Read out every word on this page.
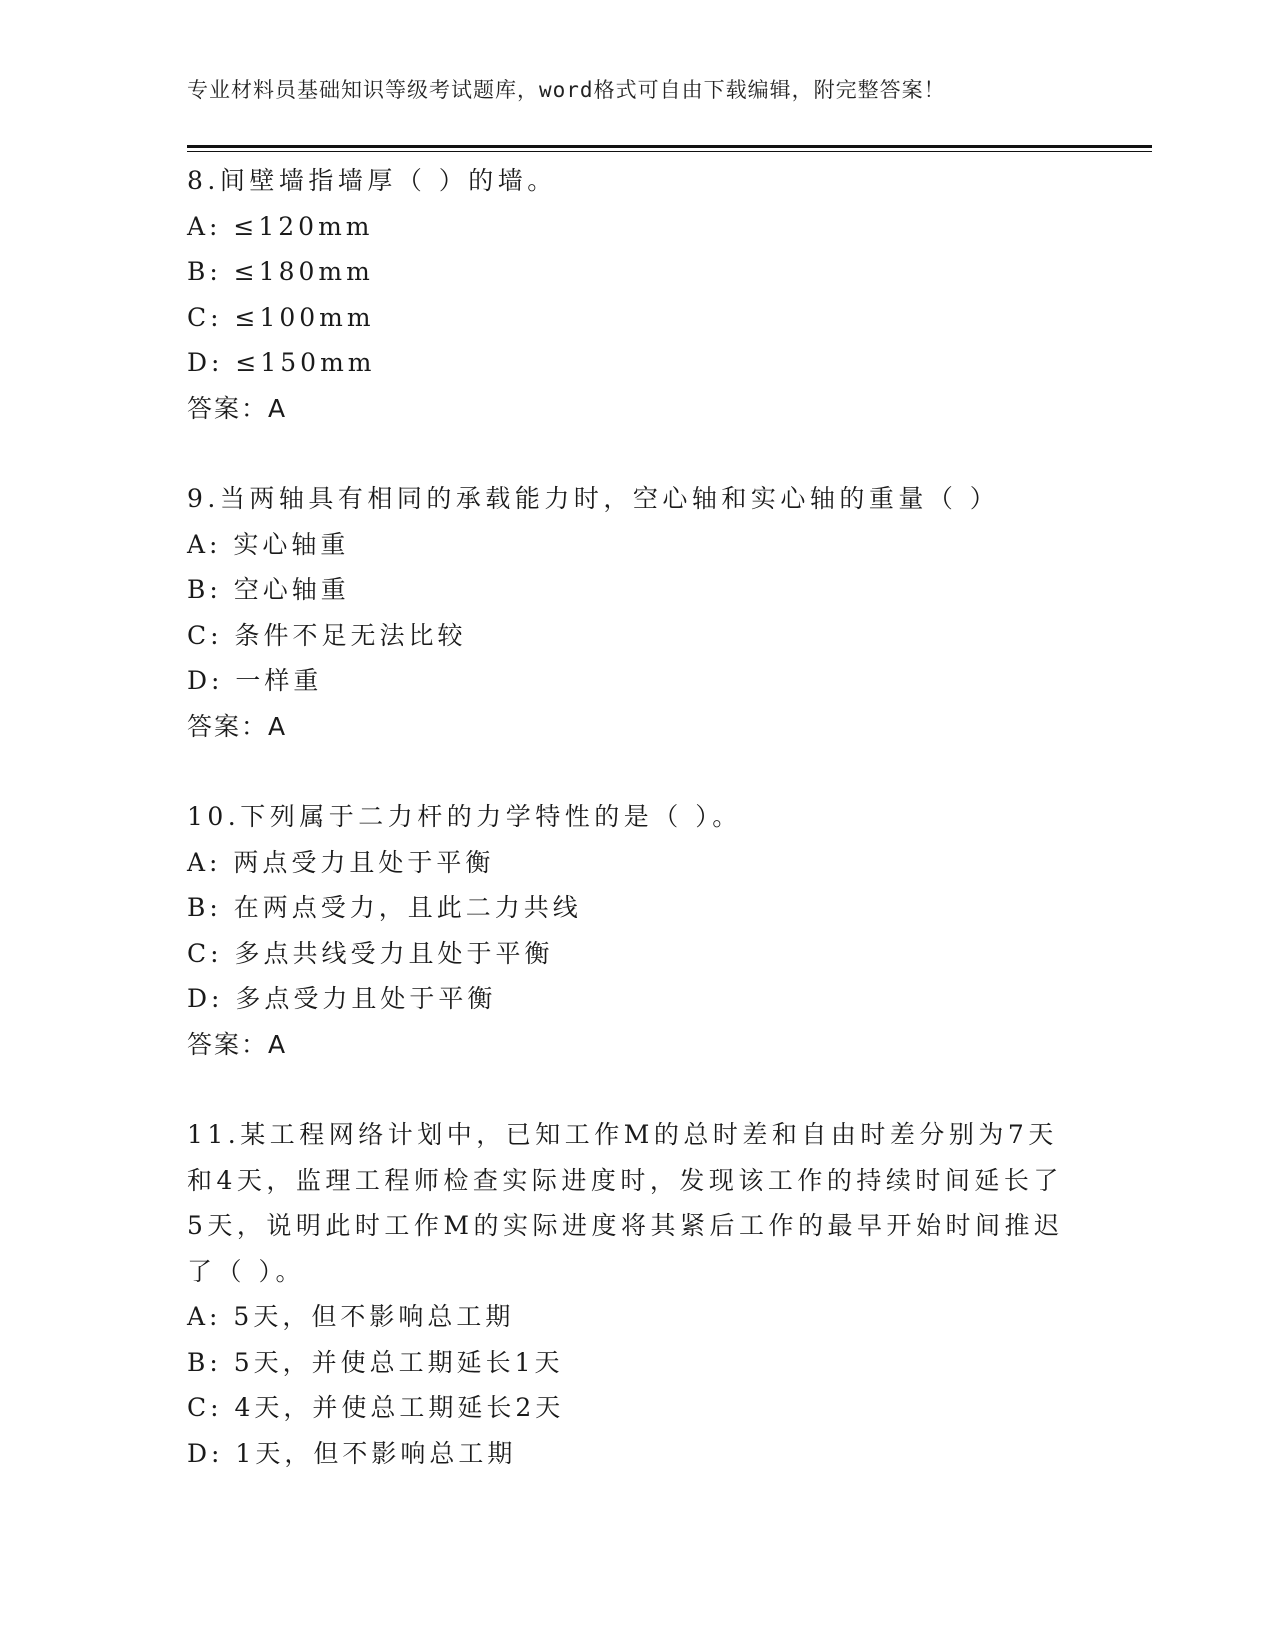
专业材料员基础知识等级考试题库，word格式可自由下载编辑，附完整答案！
8.间壁墙指墙厚（ ）的墙。
A: ≤120mm
B: ≤180mm
C: ≤100mm
D: ≤150mm
答案：A
9.当两轴具有相同的承载能力时，空心轴和实心轴的重量（ ）
A: 实心轴重
B: 空心轴重
C: 条件不足无法比较
D: 一样重
答案：A
10.下列属于二力杆的力学特性的是（ ）。
A: 两点受力且处于平衡
B: 在两点受力，且此二力共线
C: 多点共线受力且处于平衡
D: 多点受力且处于平衡
答案：A
11.某工程网络计划中，已知工作M的总时差和自由时差分别为7天和4天，监理工程师检查实际进度时，发现该工作的持续时间延长了5天，说明此时工作M的实际进度将其紧后工作的最早开始时间推迟了（ ）。
A: 5天，但不影响总工期
B: 5天，并使总工期延长1天
C: 4天，并使总工期延长2天
D: 1天，但不影响总工期
